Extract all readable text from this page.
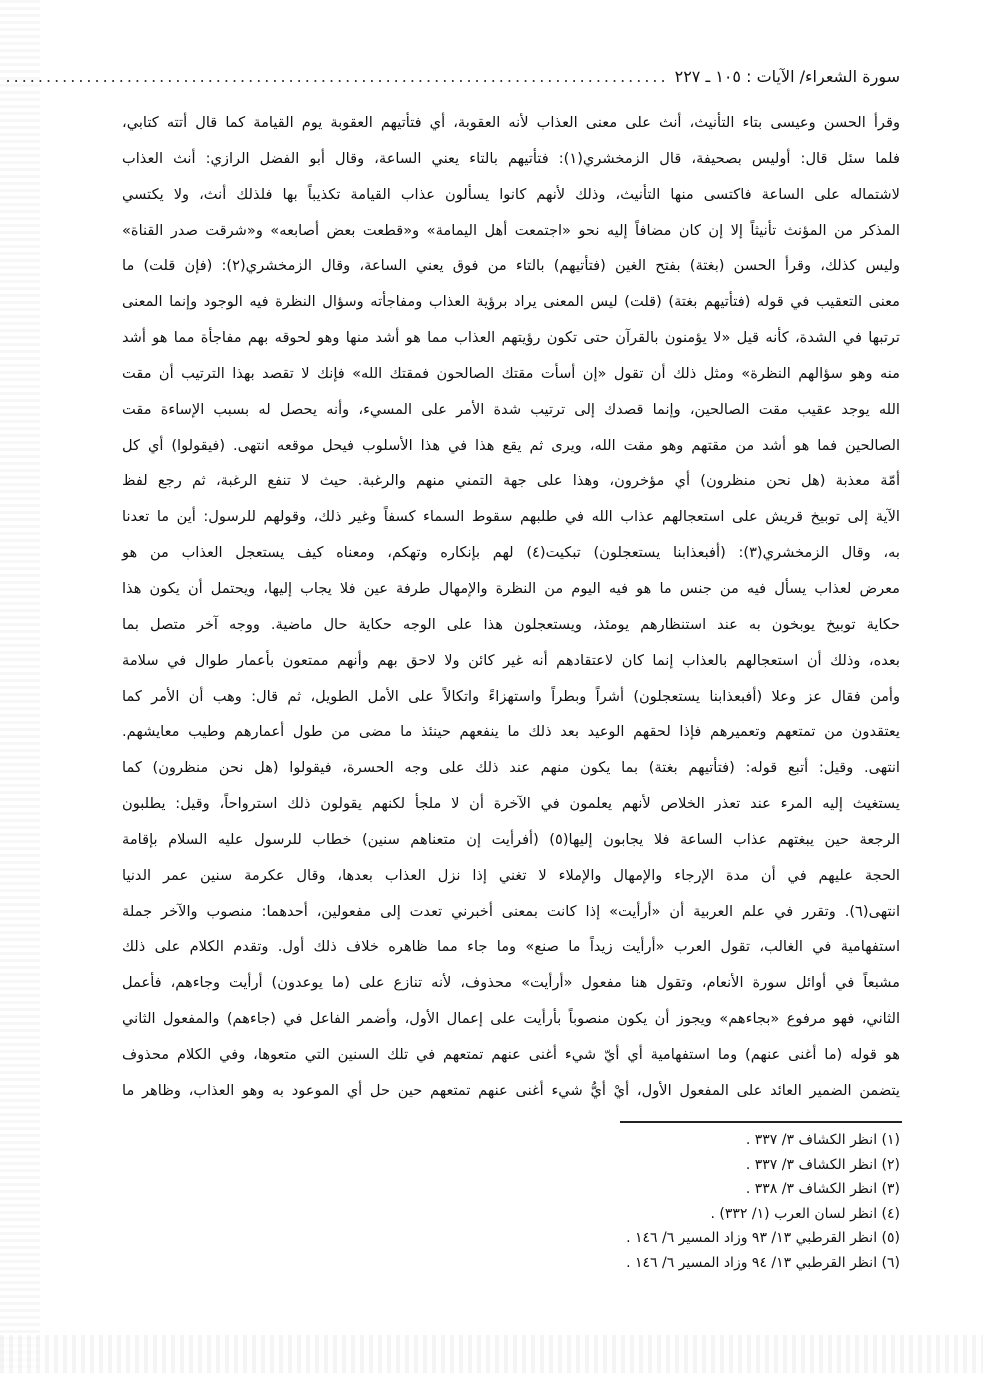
سورة الشعراء/ الآيات : ١٠٥ ـ ٢٢٧
..................................................................................
وقرأ الحسن وعيسى بتاء التأنيث، أنث على معنى العذاب لأنه العقوبة، أي فتأتيهم العقوبة يوم القيامة كما قال أتته كتابي،
فلما سئل قال: أوليس بصحيفة، قال الزمخشري(١): فتأتيهم بالتاء يعني الساعة، وقال أبو الفضل الرازي: أنث العذاب
لاشتماله على الساعة فاكتسى منها التأنيث، وذلك لأنهم كانوا يسألون عذاب القيامة تكذيباً بها فلذلك أنث، ولا يكتسي
المذكر من المؤنث تأنيثاً إلا إن كان مضافاً إليه نحو «اجتمعت أهل اليمامة» و«قطعت بعض أصابعه» و«شرقت صدر القناة»
وليس كذلك، وقرأ الحسن (بغتة) بفتح الغين (فتأتيهم) بالتاء من فوق يعني الساعة، وقال الزمخشري(٢): (فإن قلت) ما
معنى التعقيب في قوله (فتأتيهم بغتة) (قلت) ليس المعنى يراد برؤية العذاب ومفاجأته وسؤال النظرة فيه الوجود وإنما المعنى
ترتبها في الشدة، كأنه قيل «لا يؤمنون بالقرآن حتى تكون رؤيتهم العذاب مما هو أشد منها وهو لحوقه بهم مفاجأة مما هو أشد
منه وهو سؤالهم النظرة» ومثل ذلك أن تقول «إن أسأت مقتك الصالحون فمقتك الله» فإنك لا تقصد بهذا الترتيب أن مقت
الله يوجد عقيب مقت الصالحين، وإنما قصدك إلى ترتيب شدة الأمر على المسيء، وأنه يحصل له بسبب الإساءة مقت
الصالحين فما هو أشد من مقتهم وهو مقت الله، ويرى ثم يقع هذا في هذا الأسلوب فيحل موقعه انتهى. (فيقولوا) أي كل
أمّة معذبة (هل نحن منظرون) أي مؤخرون، وهذا على جهة التمني منهم والرغبة. حيث لا تنفع الرغبة، ثم رجع لفظ
الآية إلى توبيخ قريش على استعجالهم عذاب الله في طلبهم سقوط السماء كسفاً وغير ذلك، وقولهم للرسول: أين ما تعدنا
به، وقال الزمخشري(٣): (أفبعذابنا يستعجلون) تبكيت(٤) لهم بإنكاره وتهكم، ومعناه كيف يستعجل العذاب من هو
معرض لعذاب يسأل فيه من جنس ما هو فيه اليوم من النظرة والإمهال طرفة عين فلا يجاب إليها، ويحتمل أن يكون هذا
حكاية توبيخ يوبخون به عند استنظارهم يومئذ، ويستعجلون هذا على الوجه حكاية حال ماضية. ووجه آخر متصل بما
بعده، وذلك أن استعجالهم بالعذاب إنما كان لاعتقادهم أنه غير كائن ولا لاحق بهم وأنهم ممتعون بأعمار طوال في سلامة
وأمن فقال عز وعلا (أفبعذابنا يستعجلون) أشراً وبطراً واستهزاءً واتكالاً على الأمل الطويل، ثم قال: وهب أن الأمر كما
يعتقدون من تمتعهم وتعميرهم فإذا لحقهم الوعيد بعد ذلك ما ينفعهم حينئذ ما مضى من طول أعمارهم وطيب معايشهم.
انتهى. وقيل: أتبع قوله: (فتأتيهم بغتة) بما يكون منهم عند ذلك على وجه الحسرة، فيقولوا (هل نحن منظرون) كما
يستغيث إليه المرء عند تعذر الخلاص لأنهم يعلمون في الآخرة أن لا ملجأ لكنهم يقولون ذلك استرواحاً، وقيل: يطلبون
الرجعة حين يبغتهم عذاب الساعة فلا يجابون إليها(٥) (أفرأيت إن متعناهم سنين) خطاب للرسول عليه السلام بإقامة
الحجة عليهم في أن مدة الإرجاء والإمهال والإملاء لا تغني إذا نزل العذاب بعدها، وقال عكرمة سنين عمر الدنيا
انتهى(٦). وتقرر في علم العربية أن «أرأيت» إذا كانت بمعنى أخبرني تعدت إلى مفعولين، أحدهما: منصوب والآخر جملة
استفهامية في الغالب، تقول العرب «أرأيت زيداً ما صنع» وما جاء مما ظاهره خلاف ذلك أول. وتقدم الكلام على ذلك
مشبعاً في أوائل سورة الأنعام، وتقول هنا مفعول «أرأيت» محذوف، لأنه تنازع على (ما يوعدون) أرأيت وجاءهم، فأعمل
الثاني، فهو مرفوع «بجاءهم» ويجوز أن يكون منصوباً بأرأيت على إعمال الأول، وأضمر الفاعل في (جاءهم) والمفعول الثاني
هو قوله (ما أغنى عنهم) وما استفهامية أي أيّ شيء أغنى عنهم تمتعهم في تلك السنين التي متعوها، وفي الكلام محذوف
يتضمن الضمير العائد على المفعول الأول، أيْ أيُّ شيء أغنى عنهم تمتعهم حين حل أي الموعود به وهو العذاب، وظاهر ما
(١) انظر الكشاف ٣/ ٣٣٧ .
(٢) انظر الكشاف ٣/ ٣٣٧ .
(٣) انظر الكشاف ٣/ ٣٣٨ .
(٤) انظر لسان العرب (١/ ٣٣٢) .
(٥) انظر القرطبي ١٣/ ٩٣ وزاد المسير ٦/ ١٤٦ .
(٦) انظر القرطبي ١٣/ ٩٤ وزاد المسير ٦/ ١٤٦ .
